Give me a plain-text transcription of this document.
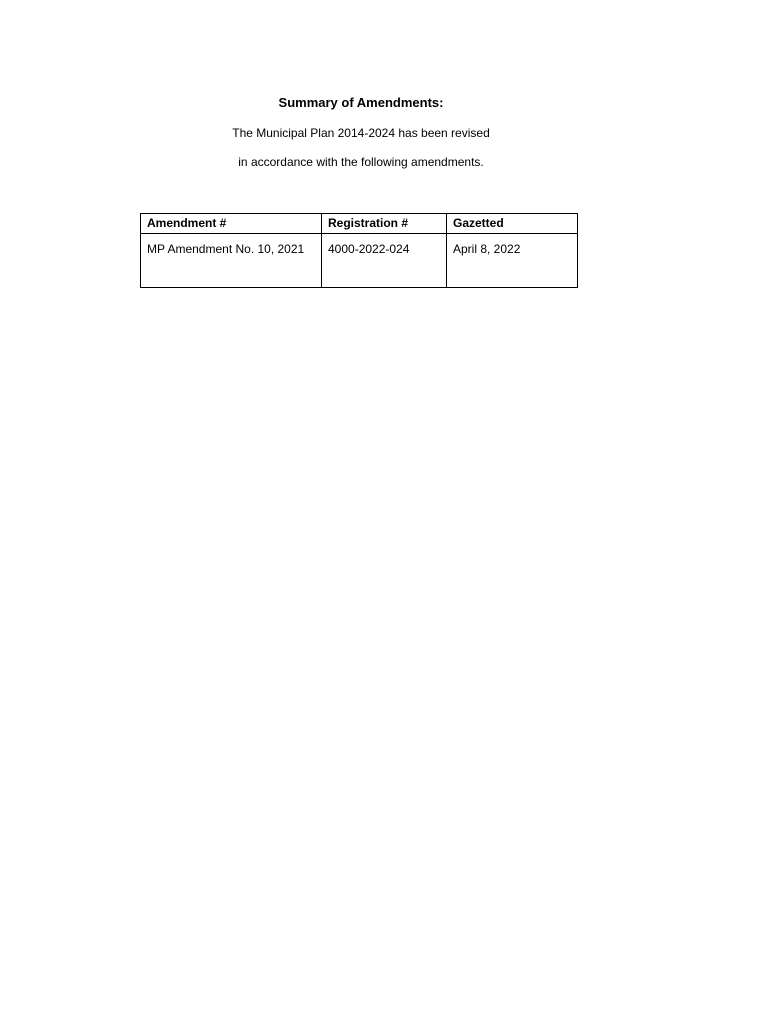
Summary of Amendments:
The Municipal Plan 2014-2024 has been revised
in accordance with the following amendments.
Amendment #	Registration #	Gazetted
MP Amendment No. 10, 2021	4000-2022-024	April 8, 2022
